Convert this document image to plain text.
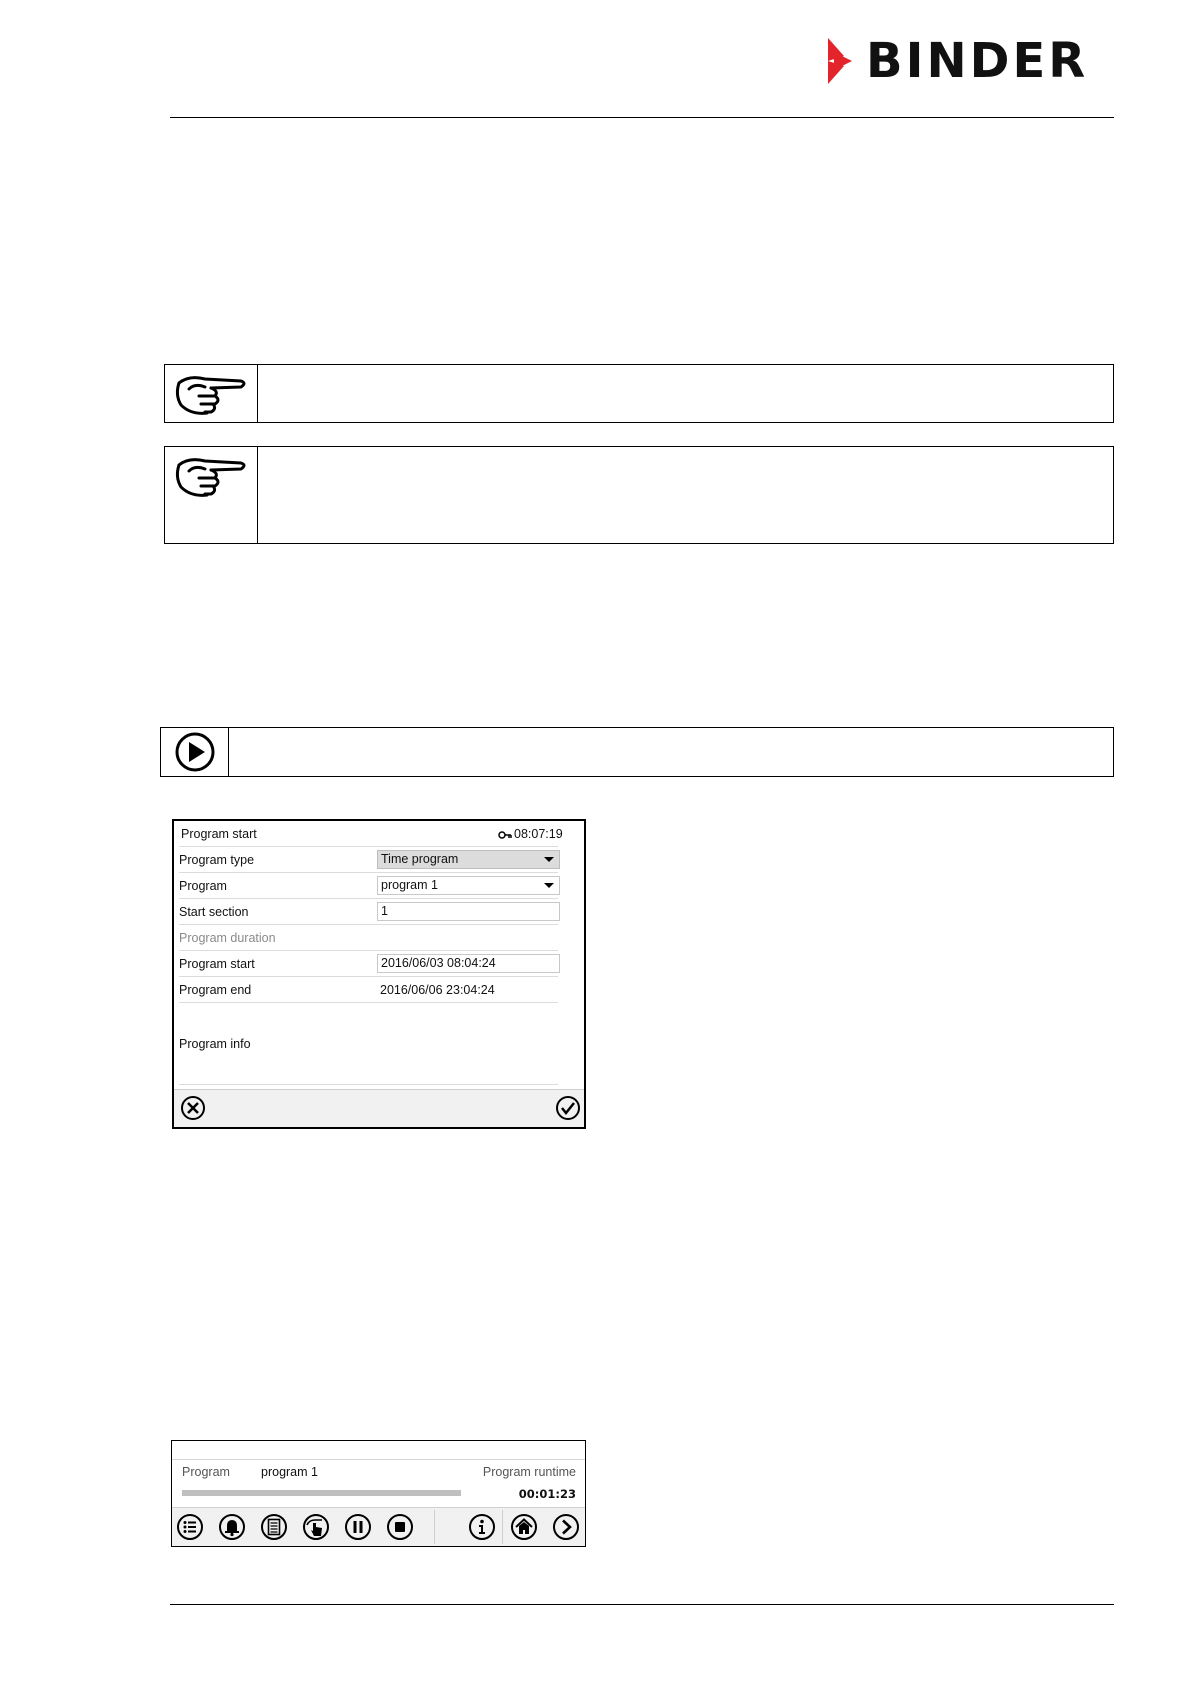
BINDER
Program start	08:07:19
Program type	Time program
Program	program 1
Start section	1
Program duration
Program start	2016/06/03 08:04:24
Program end	2016/06/06 23:04:24
Program info
Program program 1	Program runtime
00:01:23
